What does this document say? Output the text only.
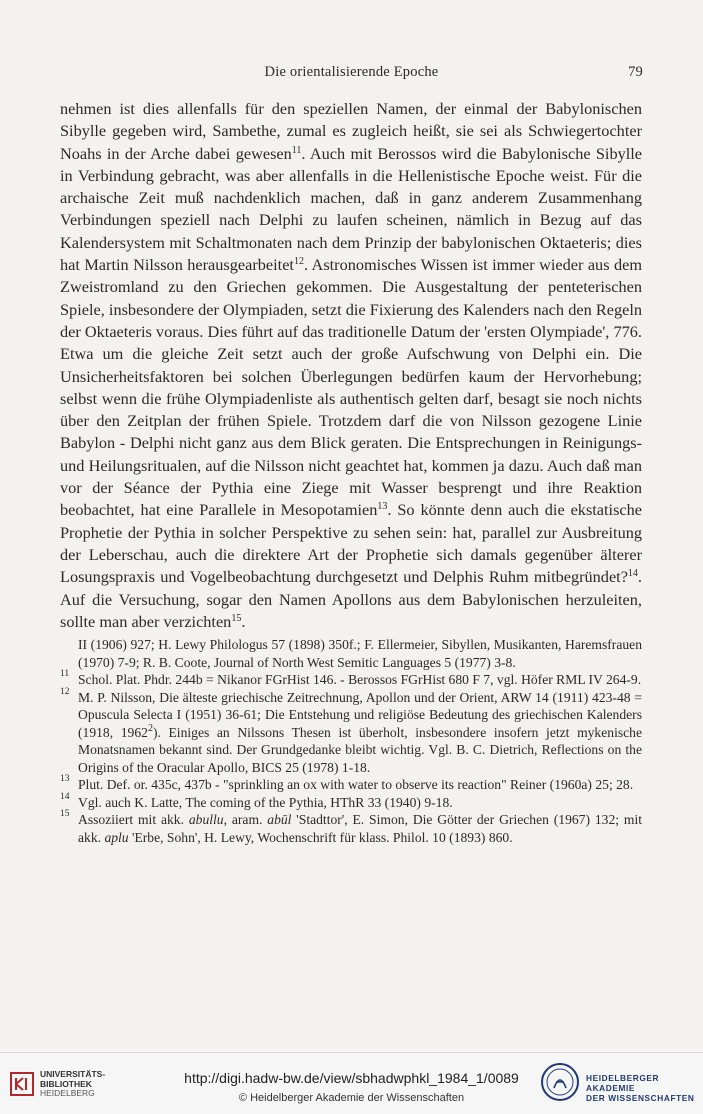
Die orientalisierende Epoche	79
nehmen ist dies allenfalls für den speziellen Namen, der einmal der Babylonischen Sibylle gegeben wird, Sambethe, zumal es zugleich heißt, sie sei als Schwiegertochter Noahs in der Arche dabei gewesen$^{11}$. Auch mit Berossos wird die Babylonische Sibylle in Verbindung gebracht, was aber allenfalls in die Hellenistische Epoche weist. Für die archaische Zeit muß nachdenklich machen, daß in ganz anderem Zusammenhang Verbindungen speziell nach Delphi zu laufen scheinen, nämlich in Bezug auf das Kalendersystem mit Schaltmonaten nach dem Prinzip der babylonischen Oktaeteris; dies hat Martin Nilsson herausgearbeitet$^{12}$. Astronomisches Wissen ist immer wieder aus dem Zweistromland zu den Griechen gekommen. Die Ausgestaltung der penteterischen Spiele, insbesondere der Olympiaden, setzt die Fixierung des Kalenders nach den Regeln der Oktaeteris voraus. Dies führt auf das traditionelle Datum der 'ersten Olympiade', 776. Etwa um die gleiche Zeit setzt auch der große Aufschwung von Delphi ein. Die Unsicherheitsfaktoren bei solchen Überlegungen bedürfen kaum der Hervorhebung; selbst wenn die frühe Olympiadenliste als authentisch gelten darf, besagt sie noch nichts über den Zeitplan der frühen Spiele. Trotzdem darf die von Nilsson gezogene Linie Babylon - Delphi nicht ganz aus dem Blick geraten. Die Entsprechungen in Reinigungs- und Heilungsritualen, auf die Nilsson nicht geachtet hat, kommen ja dazu. Auch daß man vor der Séance der Pythia eine Ziege mit Wasser besprengt und ihre Reaktion beobachtet, hat eine Parallele in Mesopotamien$^{13}$. So könnte denn auch die ekstatische Prophetie der Pythia in solcher Perspektive zu sehen sein: hat, parallel zur Ausbreitung der Leberschau, auch die direktere Art der Prophetie sich damals gegenüber älterer Losungspraxis und Vogelbeobachtung durchgesetzt und Delphis Ruhm mitbegründet?$^{14}$. Auf die Versuchung, sogar den Namen Apollons aus dem Babylonischen herzuleiten, sollte man aber verzichten$^{15}$.
II (1906) 927; H. Lewy Philologus 57 (1898) 350f.; F. Ellermeier, Sibyllen, Musikanten, Haremsfrauen (1970) 7-9; R. B. Coote, Journal of North West Semitic Languages 5 (1977) 3-8.
11 Schol. Plat. Phdr. 244b = Nikanor FGrHist 146. - Berossos FGrHist 680 F 7, vgl. Höfer RML IV 264-9.
12 M. P. Nilsson, Die älteste griechische Zeitrechnung, Apollon und der Orient, ARW 14 (1911) 423-48 = Opuscula Selecta I (1951) 36-61; Die Entstehung und religiöse Bedeutung des griechischen Kalenders (1918, 1962$^2$). Einiges an Nilssons Thesen ist überholt, insbesondere insofern jetzt mykenische Monatsnamen bekannt sind. Der Grundgedanke bleibt wichtig. Vgl. B. C. Dietrich, Reflections on the Origins of the Oracular Apollo, BICS 25 (1978) 1-18.
13 Plut. Def. or. 435c, 437b - "sprinkling an ox with water to observe its reaction" Reiner (1960a) 25; 28.
14 Vgl. auch K. Latte, The coming of the Pythia, HThR 33 (1940) 9-18.
15 Assoziiert mit akk. abullu, aram. abūl 'Stadttor', E. Simon, Die Götter der Griechen (1967) 132; mit akk. aplu 'Erbe, Sohn', H. Lewy, Wochenschrift für klass. Philol. 10 (1893) 860.
UNIVERSITÄTS-
BIBLIOTHEK
HEIDELBERG
http://digi.hadw-bw.de/view/sbhadwphkl_1984_1/0089
© Heidelberger Akademie der Wissenschaften
HEIDELBERGER AKADEMIE
DER WISSENSCHAFTEN
